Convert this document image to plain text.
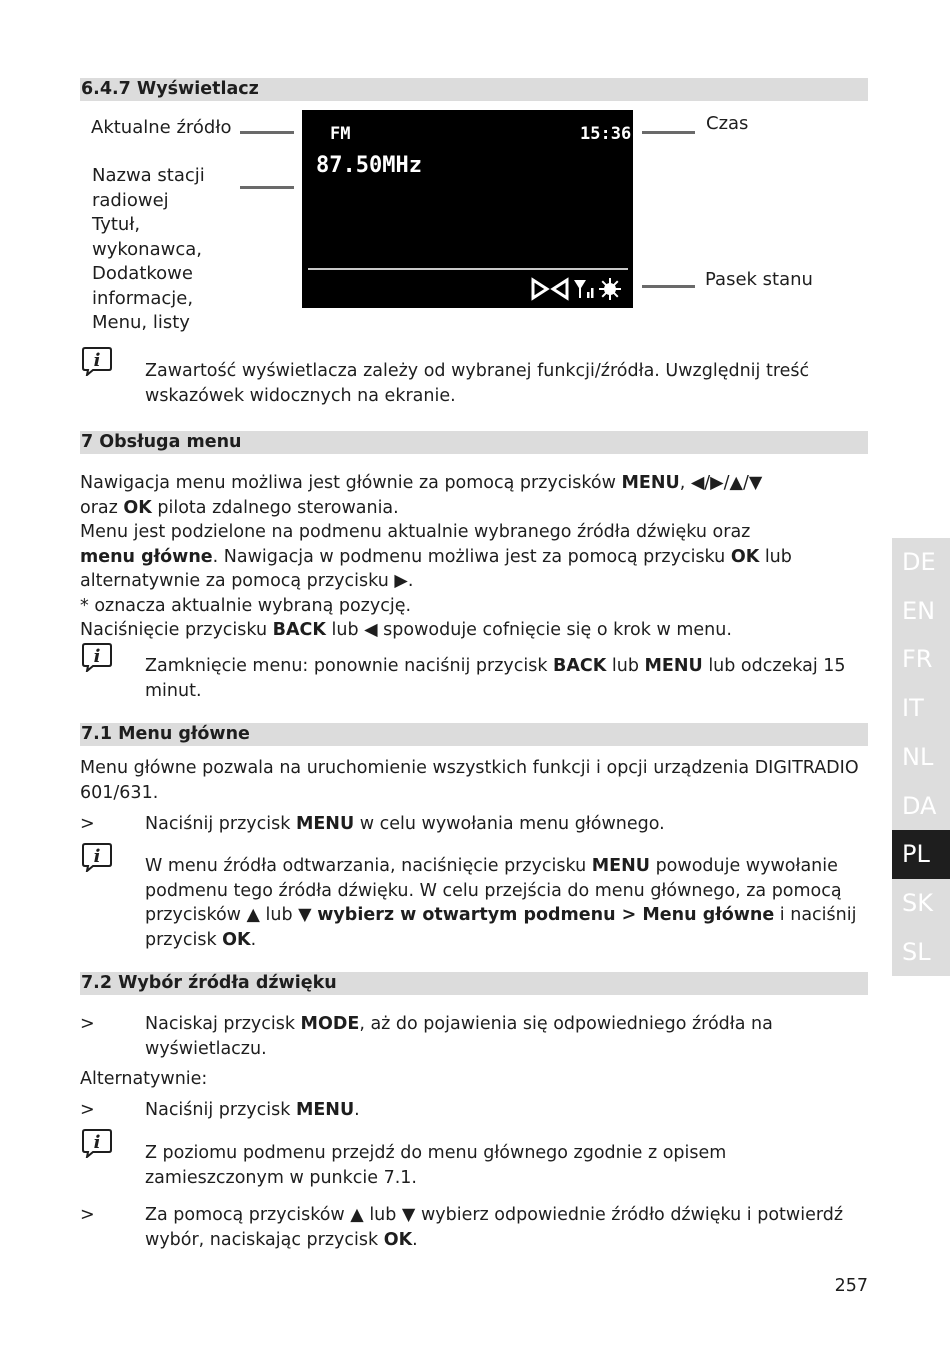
6.4.7 Wyświetlacz
Aktualne źródło
Nazwa stacji
radiowej
Tytuł,
wykonawca,
Dodatkowe
informacje,
Menu, listy
FM	15:36
87.50MHz
Czas
Pasek stanu
i	Zawartość wyświetlacza zależy od wybranej funkcji/źródła. Uwzględnij treść wskazówek widocznych na ekranie.

7 Obsługa menu
Nawigacja menu możliwa jest głównie za pomocą przycisków MENU, ◀/▶/▲/▼
oraz OK pilota zdalnego sterowania.
Menu jest podzielone na podmenu aktualnie wybranego źródła dźwięku oraz
menu główne. Nawigacja w podmenu możliwa jest za pomocą przycisku OK lub
alternatywnie za pomocą przycisku ▶.
* oznacza aktualnie wybraną pozycję.
Naciśnięcie przycisku BACK lub ◀ spowoduje cofnięcie się o krok w menu.
i	Zamknięcie menu: ponownie naciśnij przycisk BACK lub MENU lub odczekaj 15 minut.

7.1 Menu główne

Menu główne pozwala na uruchomienie wszystkich funkcji i opcji urządzenia DIGITRADIO 601/631.

>	Naciśnij przycisk MENU w celu wywołania menu głównego.

i	W menu źródła odtwarzania, naciśnięcie przycisku MENU powoduje wywołanie podmenu tego źródła dźwięku. W celu przejścia do menu głównego, za pomocą przycisków ▲ lub ▼ wybierz w otwartym podmenu > Menu główne i naciśnij przycisk OK.

7.2 Wybór źródła dźwięku
>	Naciskaj przycisk MODE, aż do pojawienia się odpowiedniego źródła na wyświetlaczu.

Alternatywnie:

>	Naciśnij przycisk MENU.

i	Z poziomu podmenu przejdź do menu głównego zgodnie z opisem zamieszczonym w punkcie 7.1.

>	Za pomocą przycisków ▲ lub ▼ wybierz odpowiednie źródło dźwięku i potwierdź wybór, naciskając przycisk OK.

257
DE
EN
FR
IT
NL
DA
PL
SK
SL
